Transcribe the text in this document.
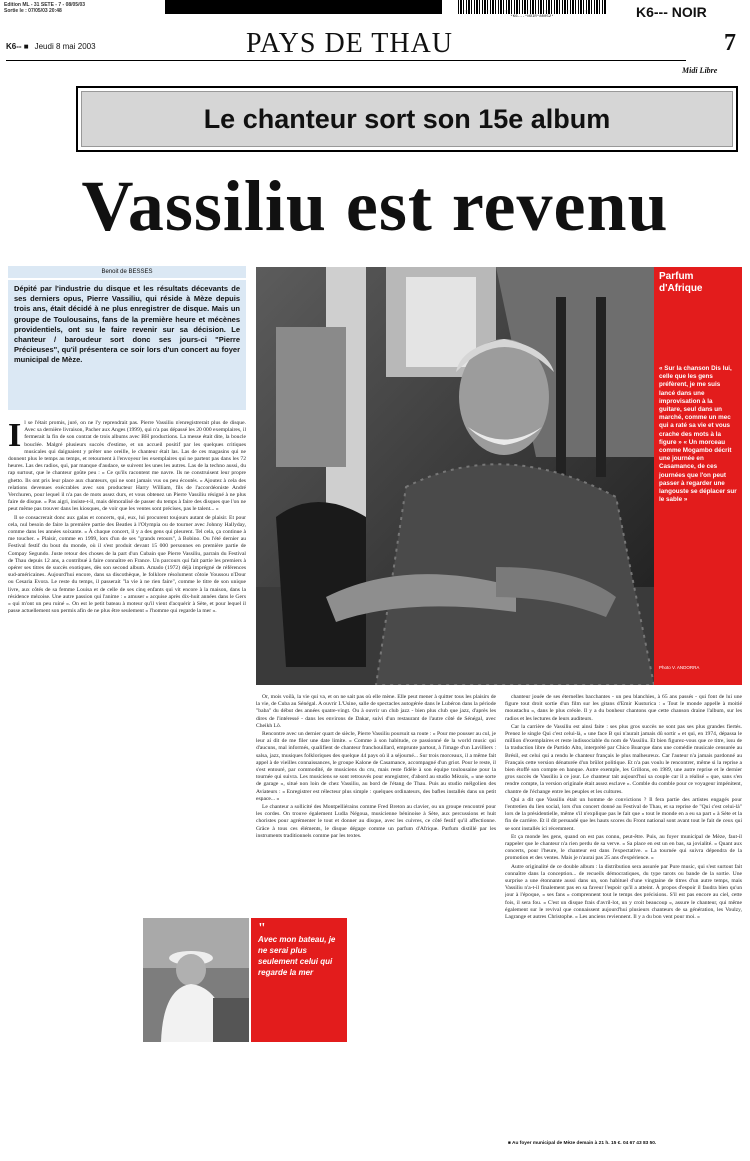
Edition ML - 31 SETE - 7 - 08/05/03
Sortie le : 07/05/03 20:48
*K6---*NOIR*80052*	K6--- NOIR
K6-- ■ Jeudi 8 mai 2003	PAYS DE THAU	7
Midi Libre
Le chanteur sort son 15e album
Vassiliu est revenu
Benoit de BESSES
Dépité par l'industrie du disque et les résultats décevants de ses derniers opus, Pierre Vassiliu, qui réside à Mèze depuis trois ans, était décidé à ne plus enregistrer de disque. Mais un groupe de Toulousains, fans de la première heure et mécènes providentiels, ont su le faire revenir sur sa décision. Le chanteur / baroudeur sort donc ses jours-ci "Pierre Précieuses", qu'il présentera ce soir lors d'un concert au foyer municipal de Mèze.
I l se l'était promis, juré, on ne l'y reprendrait pas. Pierre Vassiliu n'enregistrerait plus de disque. Avec sa dernière livraison, Pacher aux Anges (1999), qui n'a pas dépassé les 20 000 exemplaires, il fermerait la fin de son contrat de trois albums avec BH productions. La messe était dite, la boucle bouclée. Malgré plusieurs succès d'estime, et un accueil positif par les quelques critiques musicales qui daignaient y prêter une oreille, le chanteur était las. Las de ces magasins qui ne donnent plus le temps au temps, et retournent à l'envoyeur les exemplaires qui ne partent pas dans les 72 heures. Las des radios, qui, par manque d'audace, se suivent les unes les autres. Las de la techno aussi, du rap surtout, que le chanteur goûte peu : « Ce qu'ils racontent me navre. Ils ne construisent leur propre ghetto. Ils ont pris leur place aux chanteurs, qui ne sont jamais vus ou peu écoutés. » Ajoutez à cela des relations devenues exécrables avec son producteur Harry William, fils de l'accordéoniste André Verchuren, pour lequel il n'a pas de mots assez durs, et vous obtenez un Pierre Vassiliu résigné à ne plus faire de disque. « Pas aigri, insiste-t-il, mais démoralisé de passer du temps à faire des disques que l'on ne peut même pas trouver dans les kiosques, de voir que les ventes sont précises, pas le talent... »

Il se consacrerait donc aux galas et concerts, qui, eux, lui procurent toujours autant de plaisir. Et pour cela, nul besoin de faire la première partie des Beatles à l'Olympia ou de tourner avec Johnny Hallyday, comme dans les années soixante. « À chaque concert, il y a des gens qui pleurent. Tel cela, ça continue à me toucher. » Plaisir, comme en 1999, lors d'un de ses "grands retours", à Bobino. Ou l'été dernier au Festival festif du bout du monde, où il s'est produit devant 15 000 personnes en première partie de Compay Segundo. Juste retour des choses de la part d'un Cubain que Pierre Vassiliu, parrain du Festival de Thau depuis 12 ans, a contribué à faire connaître en France. Un parcours qui fait partie les premiers à opérer ses titres de succès exotiques, dès son second album. Amado (1972) déjà imprégné de références sud-américaines. Aujourd'hui encore, dans sa discothèque, le folklore résolument côtoie Youssou n'Dour ou Cesaria Evora. Le reste du temps, il passerait "la vie à ne rien faire", comme le titre de son unique livre, aux côtés de sa femme Louisa et de celle de ses cinq enfants qui vit encore à la maison, dans la résidence mézoise. Une autre passion qui l'anime : « amuser » acquise après dix-huit années dans le Gers « qui m'ont un peu ruiné ». On est le petit bateau à moteur qu'il vient d'acquérir à Sète, et pour lequel il passe actuellement son permis afin de ne plus être seulement « l'homme qui regarde la mer ».

Parfum d'Afrique
« Sur la chanson Dis lui, celle que les gens préfèrent, je me suis lancé dans une improvisation à la guitare, seul dans un marché, comme un mec qui a raté sa vie et vous crache des mots à la figure » « Un morceau comme Mogambo décrit une journée en Casamance, de ces journées que l'on peut passer à regarder une langouste se déplacer sur le sable »
Photo V. ANDORRA

Or, mois voilà, la vie qui va, et on ne sait pas où elle mène. Elle peut mener à quitter tous les plaisirs de la vie, de Cuba au Sénégal. A ouvrir L'Usine, salle de spectacles autogérée dans le Lubéron dans la période "baba" du début des années quatre-vingt. Ou à ouvrir un club jazz - bien plus club que jazz, d'après les dires de l'intéressé - dans les environs de Dakar, suivi d'un restaurant de l'autre côté de Sénégal, avec Cheikh Lô.

Rencontre avec un dernier quart de siècle, Pierre Vassiliu poursuit sa route : « Pour me pousser au cul, je leur ai dit de me filer une date limite. » Comme à son habitude, ce passionné de la world music qui d'aucuns, mal informés, qualifient de chanteur franchouillard, emprunte partout, à l'image d'un Lavilliers : salsa, jazz, musiques folkloriques des quelque 44 pays où il a séjourné... Sur trois morceaux, il a même fait appel à de vieilles connaissances, le groupe Kalone de Casamance, accompagné d'un griot. Pour le reste, il s'est entouré, par commodité, de musiciens du cru, mais reste fidèle à son équipe toulousaine pour la tournée qui suivra. Les musiciens se sont retrouvés pour enregistrer, d'abord au studio Mèzois, « une sorte de garage », situé non loin de chez Vassiliu, au bord de l'étang de Thau. Puis au studio mélgolien des Aviateurs : « Enregistrer est rélecteur plus simple : quelques ordinateurs, des bafles installés dans un petit espace... »

Le chanteur a sollicité des Montpelliérains comme Fred Breton au clavier, ou un groupe rencontré pour les cordes. On trouve également Ludla Négoua, musicienne béninoise à Sète, aux percussions et huit choristes pour agrémenter le tout et donner au disque, avec les cuivres, ce côté festif qu'il affectionne. Grâce à tous ces éléments, le disque dégage comme un parfum d'Afrique. Parfum distillé par les instruments traditionnels comme par les textes.

chanteur jouée de ses éternelles bacchantes - un peu blanchies, à 65 ans passés - qui font de lui une figure tout droit sortie d'un film sur les gitans d'Emir Kusturica : « Tout le monde appelle à moitié moustachu », dans le plus créole. Il y a du bonheur chantons que cette chanson draine l'album, sur les radios et les lectures de leurs auditeurs.

Car la carrière de Vassiliu est ainsi faite : ses plus gros succès ne sont pas ses plus grandes fiertés. Prenez le single Qui c'est celui-là, « une face B qui n'aurait jamais dû sortir » et qui, en 1974, dépassa le million d'exemplaires et reste indissociable du nom de Vassiliu. Et bien figurez-vous que ce titre, issu de la traduction libre de Partido Alto, interprété par Chico Buarque dans une comédie musicale censurée au Brésil, est celui qui a rendu le chanteur français le plus malheureux. Car l'auteur n'a jamais pardonné au Français cette version dénaturée d'un brûlot politique. Et n'a pas voulu le rencontrer, même si la reprise a bien étoffé son compte en banque. Autre exemple, les Grillons, en 1989, une autre reprise et le dernier gros succès de Vassiliu à ce jour. Le chanteur tait aujourd'hui sa couple car il a réalisé « que, sans s'en rendre compte, la version originale était assez esclave ». Comble du comble pour ce voyageur impénitent, chantre de l'échange entre les peuples et les cultures.

Qui a dit que Vassiliu était un homme de convictions ? Il fera partie des artistes engagés pour l'entretien du lien social, lors d'un concert donné au Festival de Thau, et sa reprise de "Qui c'est celui-là" lors de la présidentielle, même s'il n'explique pas le fait que « tout le monde en a eu sa part » à Sète et la fin de carrière. Et il dit persuadé que les hauts scores du Front national sont avant tout le fait de ceux qui se sont installés ici récemment.

Et ça monde les gens, quand on est pas connu, peut-être. Puis, au foyer municipal de Mèze, faut-il rappeler que le chanteur n'a rien perdu de sa verve. « Sa place en est un en bas, sa jovialité. » Quant aux concerts, pour l'heure, le chanteur est dans l'expectative. « La tournée qui suivra dépendra de la promotion et des ventes. Mais je n'aurai pas 25 ans d'expérience. »

Autre originalité de ce double album : la distribution sera assurée par Pure music, qui s'est surtout fait connaître dans la conception... de recueils démocratiques, du type tarots ou bande de la sortie. Une surprise a une étonnante aussi dans un, son habituel d'une vingtaine de titres d'un autre temps, mais Vassiliu n'a-t-il finalement pas en sa faveur l'espoir qu'il a atteint. À propos d'espoir il faudra bien qu'un jour à l'époque, « ses fans » comprennent tout le temps des précisions. S'il est pas encore au ciel, cette fois, il sera fou. « C'est un disque frais d'avril-lot, un y croit beaucoup », assure le chanteur, qui même également sur le revival que connaissent aujourd'hui plusieurs chanteurs de sa génération, les Voulzy, Lagrange et autres Christophe. « Les anciens reviennent. Il y a du bon vent pour moi. »

"
Avec mon bateau, je ne serai plus seulement celui qui regarde la mer
■ Au foyer municipal de Mèze demain à 21 h. 15 €. 04 67 43 83 50.
